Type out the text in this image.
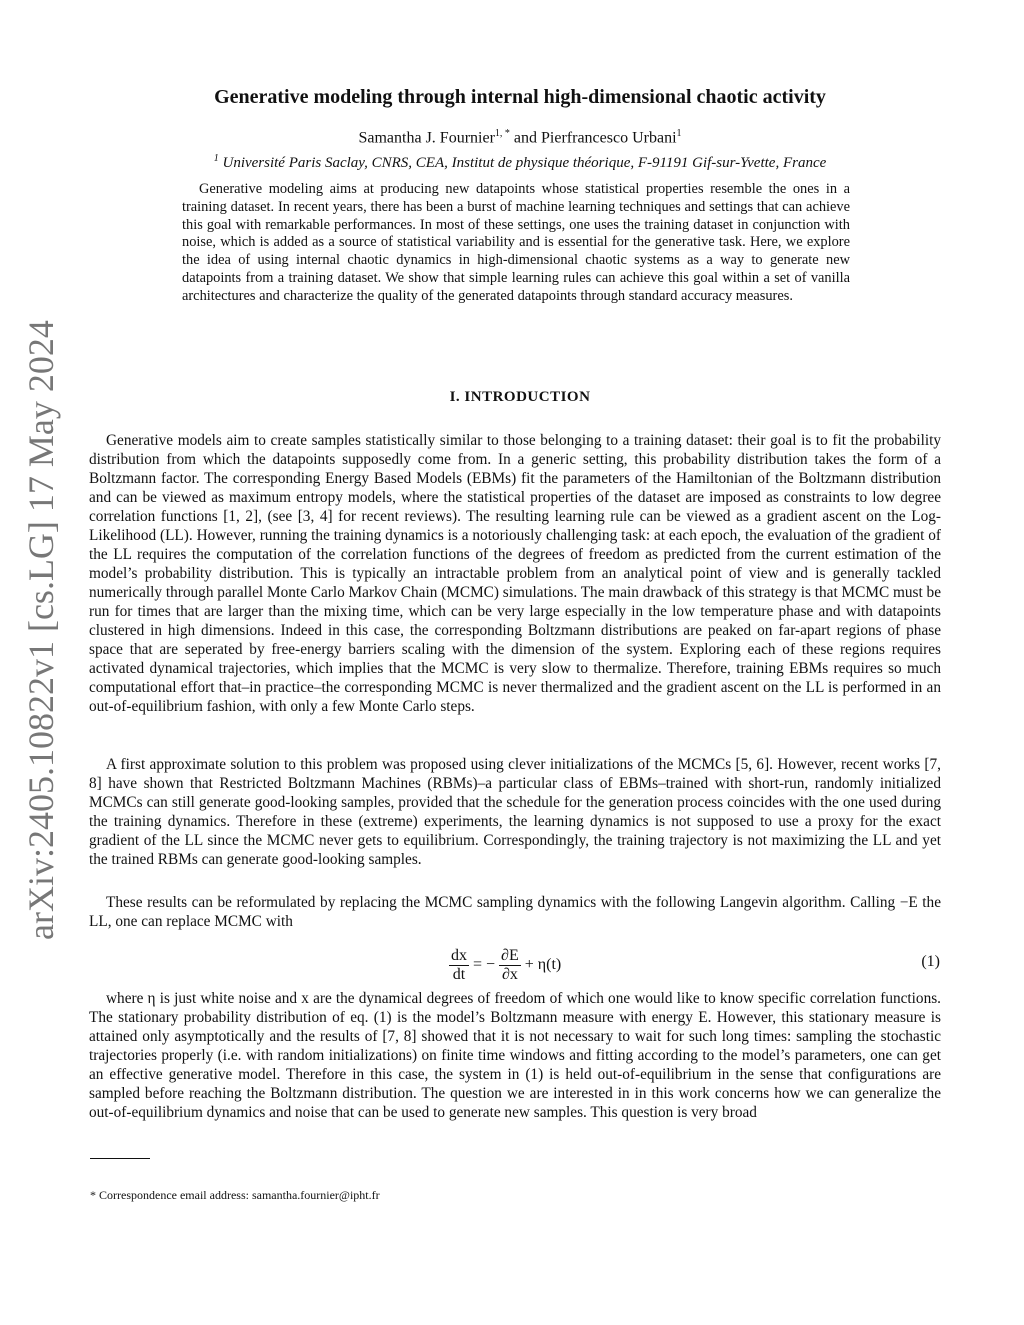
arXiv:2405.10822v1 [cs.LG] 17 May 2024
Generative modeling through internal high-dimensional chaotic activity
Samantha J. Fournier$^{1, *}$ and Pierfrancesco Urbani$^1$
$^1$ Université Paris Saclay, CNRS, CEA, Institut de physique théorique, F-91191 Gif-sur-Yvette, France

Generative modeling aims at producing new datapoints whose statistical properties resemble the ones in a training dataset. In recent years, there has been a burst of machine learning techniques and settings that can achieve this goal with remarkable performances. In most of these settings, one uses the training dataset in conjunction with noise, which is added as a source of statistical variability and is essential for the generative task. Here, we explore the idea of using internal chaotic dynamics in high-dimensional chaotic systems as a way to generate new datapoints from a training dataset. We show that simple learning rules can achieve this goal within a set of vanilla architectures and characterize the quality of the generated datapoints through standard accuracy measures.

I. INTRODUCTION

Generative models aim to create samples statistically similar to those belonging to a training dataset: their goal is to fit the probability distribution from which the datapoints supposedly come from. In a generic setting, this probability distribution takes the form of a Boltzmann factor. The corresponding Energy Based Models (EBMs) fit the parameters of the Hamiltonian of the Boltzmann distribution and can be viewed as maximum entropy models, where the statistical properties of the dataset are imposed as constraints to low degree correlation functions [1, 2], (see [3, 4] for recent reviews). The resulting learning rule can be viewed as a gradient ascent on the Log-Likelihood (LL). However, running the training dynamics is a notoriously challenging task: at each epoch, the evaluation of the gradient of the LL requires the computation of the correlation functions of the degrees of freedom as predicted from the current estimation of the model’s probability distribution. This is typically an intractable problem from an analytical point of view and is generally tackled numerically through parallel Monte Carlo Markov Chain (MCMC) simulations. The main drawback of this strategy is that MCMC must be run for times that are larger than the mixing time, which can be very large especially in the low temperature phase and with datapoints clustered in high dimensions. Indeed in this case, the corresponding Boltzmann distributions are peaked on far-apart regions of phase space that are seperated by free-energy barriers scaling with the dimension of the system. Exploring each of these regions requires activated dynamical trajectories, which implies that the MCMC is very slow to thermalize. Therefore, training EBMs requires so much computational effort that–in practice–the corresponding MCMC is never thermalized and the gradient ascent on the LL is performed in an out-of-equilibrium fashion, with only a few Monte Carlo steps.

A first approximate solution to this problem was proposed using clever initializations of the MCMCs [5, 6]. However, recent works [7, 8] have shown that Restricted Boltzmann Machines (RBMs)–a particular class of EBMs–trained with short-run, randomly initialized MCMCs can still generate good-looking samples, provided that the schedule for the generation process coincides with the one used during the training dynamics. Therefore in these (extreme) experiments, the learning dynamics is not supposed to use a proxy for the exact gradient of the LL since the MCMC never gets to equilibrium. Correspondingly, the training trajectory is not maximizing the LL and yet the trained RBMs can generate good-looking samples.

These results can be reformulated by replacing the MCMC sampling dynamics with the following Langevin algorithm. Calling −E the LL, one can replace MCMC with

$\frac{dx}{dt}$ = − $\frac{\partial E}{\partial x} + \eta(t)$	(1)

where η is just white noise and x are the dynamical degrees of freedom of which one would like to know specific correlation functions. The stationary probability distribution of eq. (1) is the model’s Boltzmann measure with energy E. However, this stationary measure is attained only asymptotically and the results of [7, 8] showed that it is not necessary to wait for such long times: sampling the stochastic trajectories properly (i.e. with random initializations) on finite time windows and fitting according to the model’s parameters, one can get an effective generative model. Therefore in this case, the system in (1) is held out-of-equilibrium in the sense that configurations are sampled before reaching the Boltzmann distribution. The question we are interested in in this work concerns how we can generalize the out-of-equilibrium dynamics and noise that can be used to generate new samples. This question is very broad

* Correspondence email address: samantha.fournier@ipht.fr
